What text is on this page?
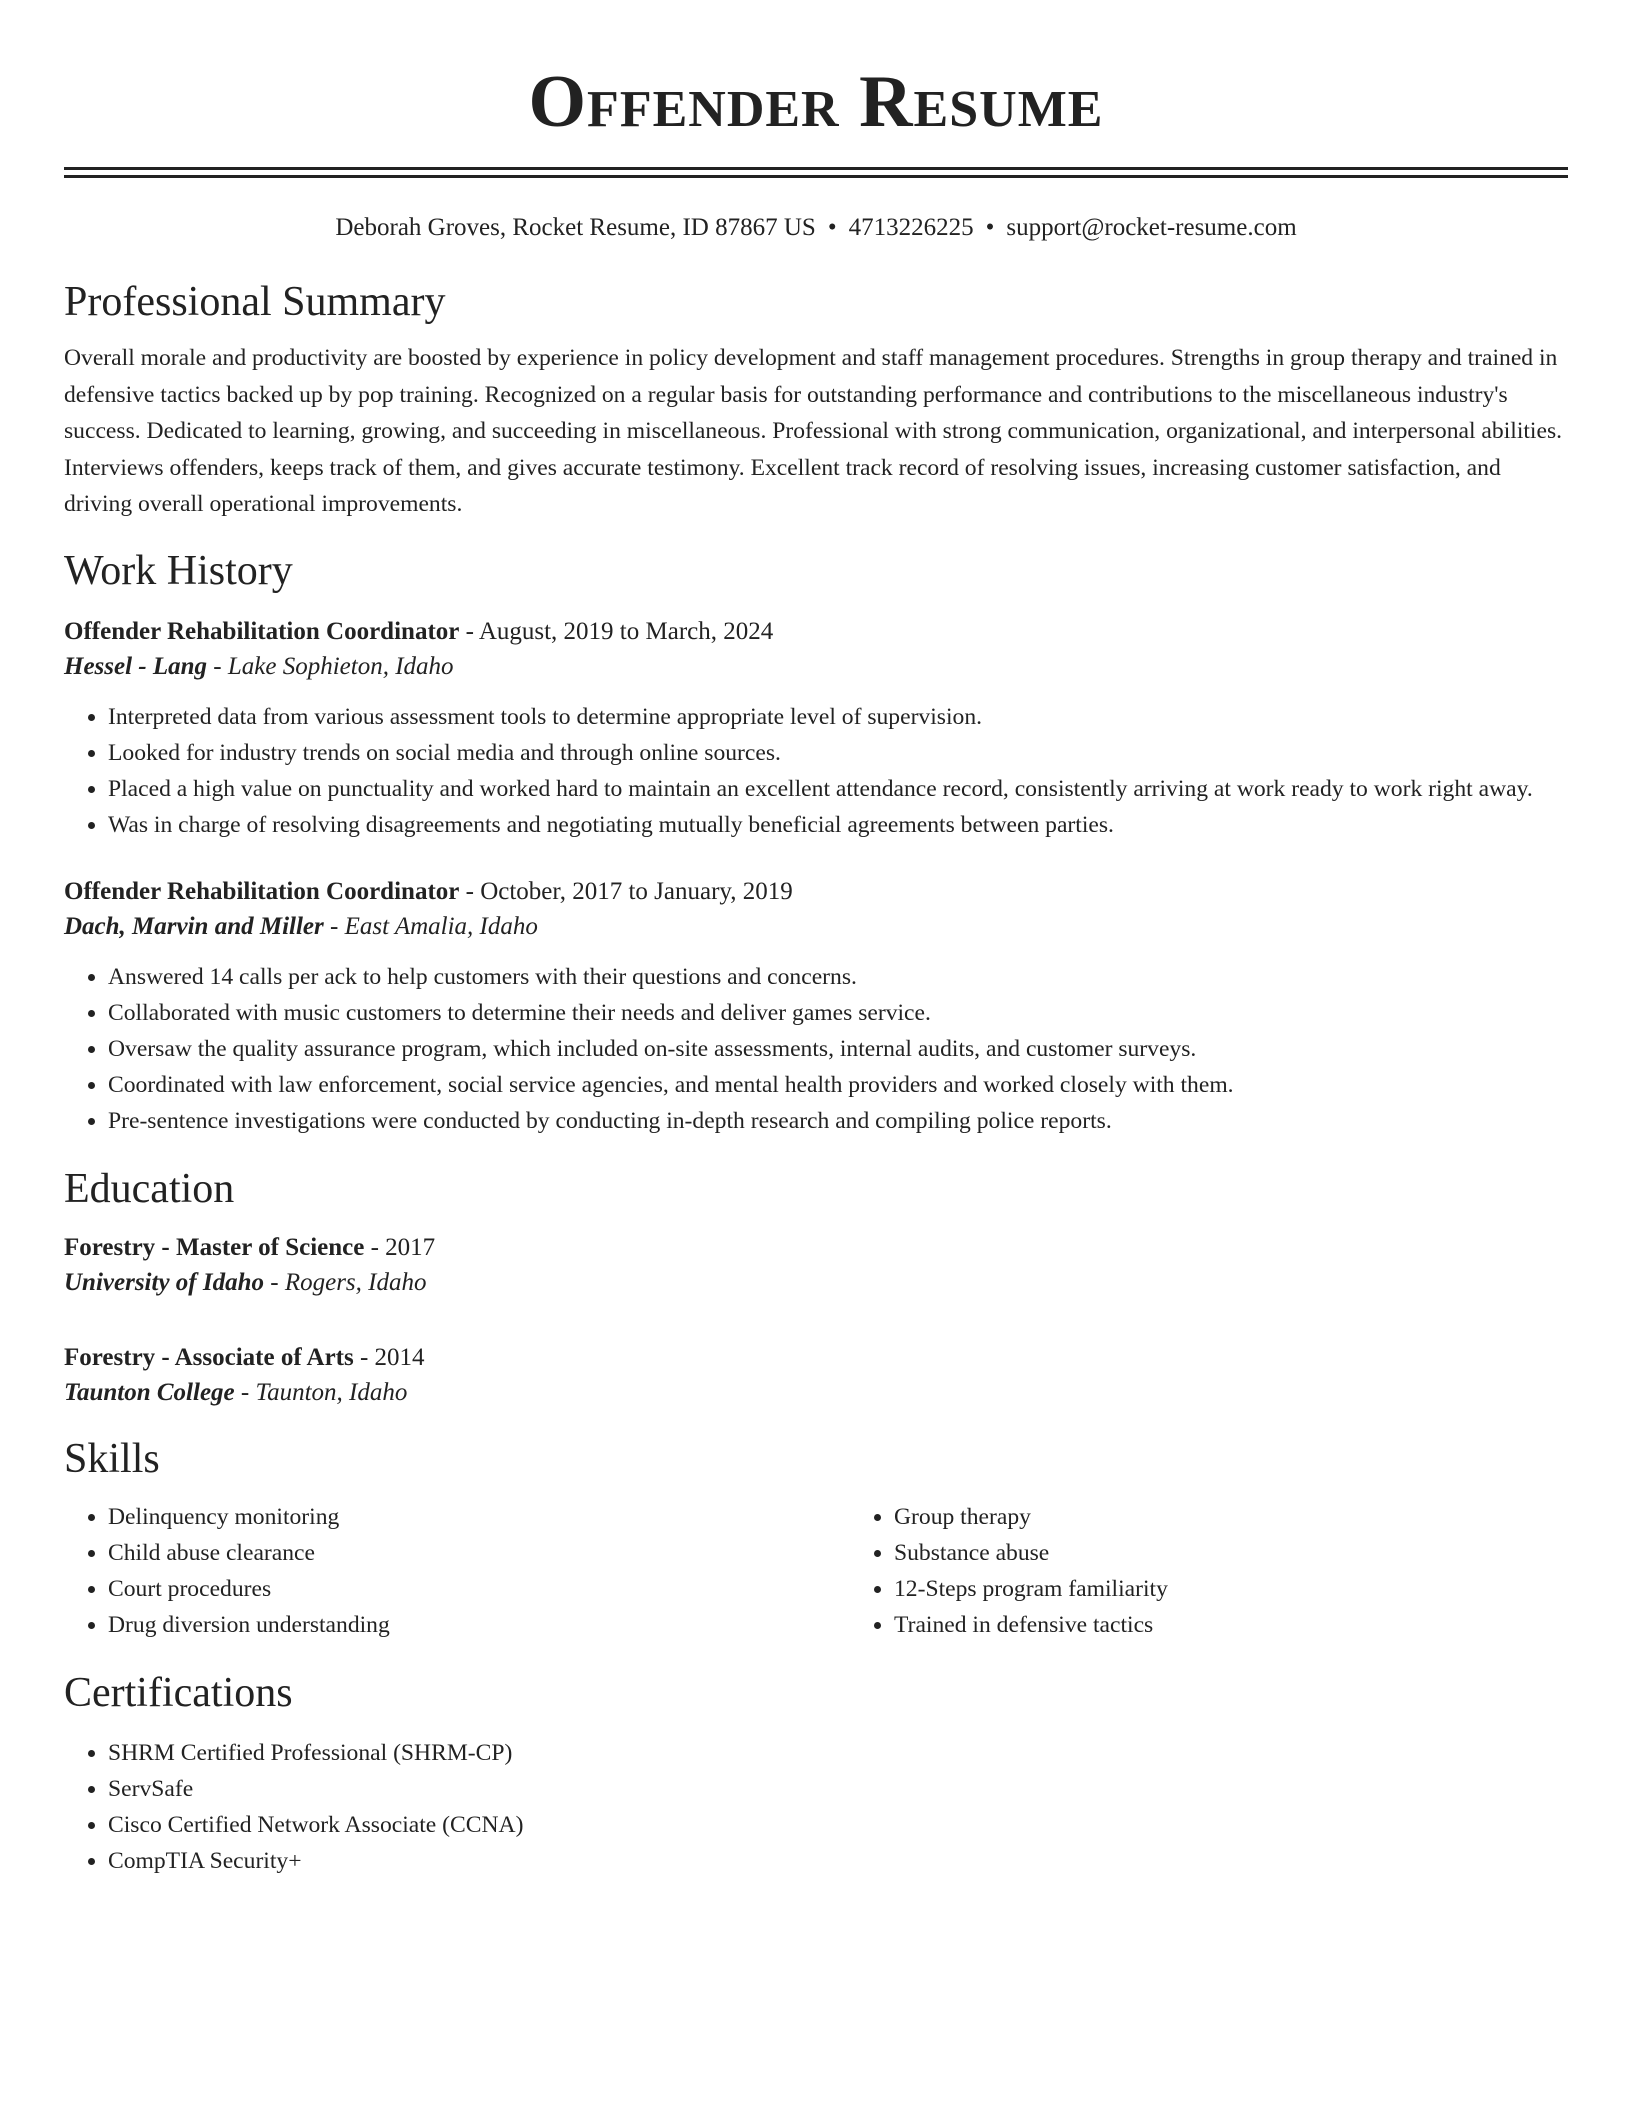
Offender Resume
Deborah Groves, Rocket Resume, ID 87867 US • 4713226225 • support@rocket-resume.com
Professional Summary

Overall morale and productivity are boosted by experience in policy development and staff management procedures. Strengths in group therapy and trained in defensive tactics backed up by pop training. Recognized on a regular basis for outstanding performance and contributions to the miscellaneous industry's success. Dedicated to learning, growing, and succeeding in miscellaneous. Professional with strong communication, organizational, and interpersonal abilities. Interviews offenders, keeps track of them, and gives accurate testimony. Excellent track record of resolving issues, increasing customer satisfaction, and driving overall operational improvements.

Work History
Offender Rehabilitation Coordinator - August, 2019 to March, 2024
Hessel - Lang - Lake Sophieton, Idaho
• Interpreted data from various assessment tools to determine appropriate level of supervision.
• Looked for industry trends on social media and through online sources.
• Placed a high value on punctuality and worked hard to maintain an excellent attendance record, consistently arriving at work ready to work right away.
• Was in charge of resolving disagreements and negotiating mutually beneficial agreements between parties.
Offender Rehabilitation Coordinator - October, 2017 to January, 2019
Dach, Marvin and Miller - East Amalia, Idaho
• Answered 14 calls per ack to help customers with their questions and concerns.
• Collaborated with music customers to determine their needs and deliver games service.
• Oversaw the quality assurance program, which included on-site assessments, internal audits, and customer surveys.
• Coordinated with law enforcement, social service agencies, and mental health providers and worked closely with them.
• Pre-sentence investigations were conducted by conducting in-depth research and compiling police reports.
Education
Forestry - Master of Science - 2017
University of Idaho - Rogers, Idaho
Forestry - Associate of Arts - 2014
Taunton College - Taunton, Idaho
Skills
• Delinquency monitoring
• Child abuse clearance
• Court procedures
• Drug diversion understanding
• Group therapy
• Substance abuse
• 12-Steps program familiarity
• Trained in defensive tactics
Certifications
• SHRM Certified Professional (SHRM-CP)
• ServSafe
• Cisco Certified Network Associate (CCNA)
• CompTIA Security+
